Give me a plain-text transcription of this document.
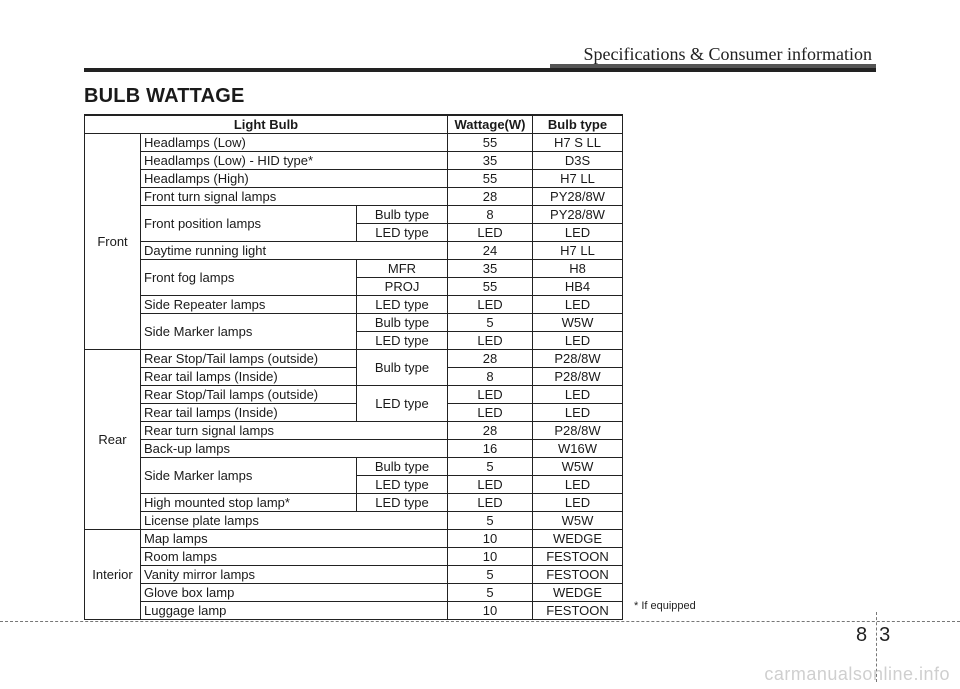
Specifications & Consumer information
BULB WATTAGE
Light Bulb			Wattage(W)	Bulb type
Front	Headlamps (Low)		55	H7 S LL
	Headlamps (Low) - HID type*		35	D3S
	Headlamps (High)		55	H7 LL
	Front turn signal lamps		28	PY28/8W
	Front position lamps	Bulb type	8	PY28/8W
		LED type	LED	LED
	Daytime running light		24	H7 LL
	Front fog lamps	MFR	35	H8
		PROJ	55	HB4
	Side Repeater lamps	LED type	LED	LED
	Side Marker lamps	Bulb type	5	W5W
		LED type	LED	LED
Rear	Rear Stop/Tail lamps (outside)	Bulb type	28	P28/8W
	Rear tail lamps (Inside)		8	P28/8W
	Rear Stop/Tail lamps (outside)	LED type	LED	LED
	Rear tail lamps (Inside)		LED	LED
	Rear turn signal lamps		28	P28/8W
	Back-up lamps		16	W16W
	Side Marker lamps	Bulb type	5	W5W
		LED type	LED	LED
	High mounted stop lamp*	LED type	LED	LED
	License plate lamps		5	W5W
Interior	Map lamps		10	WEDGE
	Room lamps		10	FESTOON
	Vanity mirror lamps		5	FESTOON
	Glove box lamp		5	WEDGE
	Luggage lamp		10	FESTOON * If equipped
83
carmanualsonline.info
